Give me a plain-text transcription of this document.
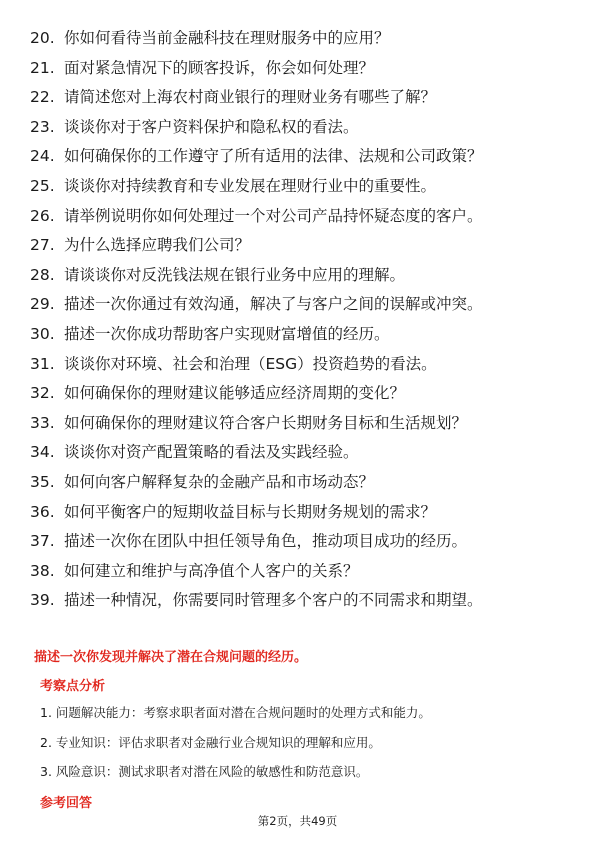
20. 你如何看待当前金融科技在理财服务中的应用？
21. 面对紧急情况下的顾客投诉，你会如何处理？
22. 请简述您对上海农村商业银行的理财业务有哪些了解？
23. 谈谈你对于客户资料保护和隐私权的看法。
24. 如何确保你的工作遵守了所有适用的法律、法规和公司政策？
25. 谈谈你对持续教育和专业发展在理财行业中的重要性。
26. 请举例说明你如何处理过一个对公司产品持怀疑态度的客户。
27. 为什么选择应聘我们公司？
28. 请谈谈你对反洗钱法规在银行业务中应用的理解。
29. 描述一次你通过有效沟通，解决了与客户之间的误解或冲突。
30. 描述一次你成功帮助客户实现财富增值的经历。
31. 谈谈你对环境、社会和治理（ESG）投资趋势的看法。
32. 如何确保你的理财建议能够适应经济周期的变化？
33. 如何确保你的理财建议符合客户长期财务目标和生活规划？
34. 谈谈你对资产配置策略的看法及实践经验。
35. 如何向客户解释复杂的金融产品和市场动态？
36. 如何平衡客户的短期收益目标与长期财务规划的需求？
37. 描述一次你在团队中担任领导角色，推动项目成功的经历。
38. 如何建立和维护与高净值个人客户的关系？
39. 描述一种情况，你需要同时管理多个客户的不同需求和期望。
描述一次你发现并解决了潜在合规问题的经历。
考察点分析
1. 问题解决能力：考察求职者面对潜在合规问题时的处理方式和能力。
2. 专业知识：评估求职者对金融行业合规知识的理解和应用。
3. 风险意识：测试求职者对潜在风险的敏感性和防范意识。
参考回答
第2页，共49页
